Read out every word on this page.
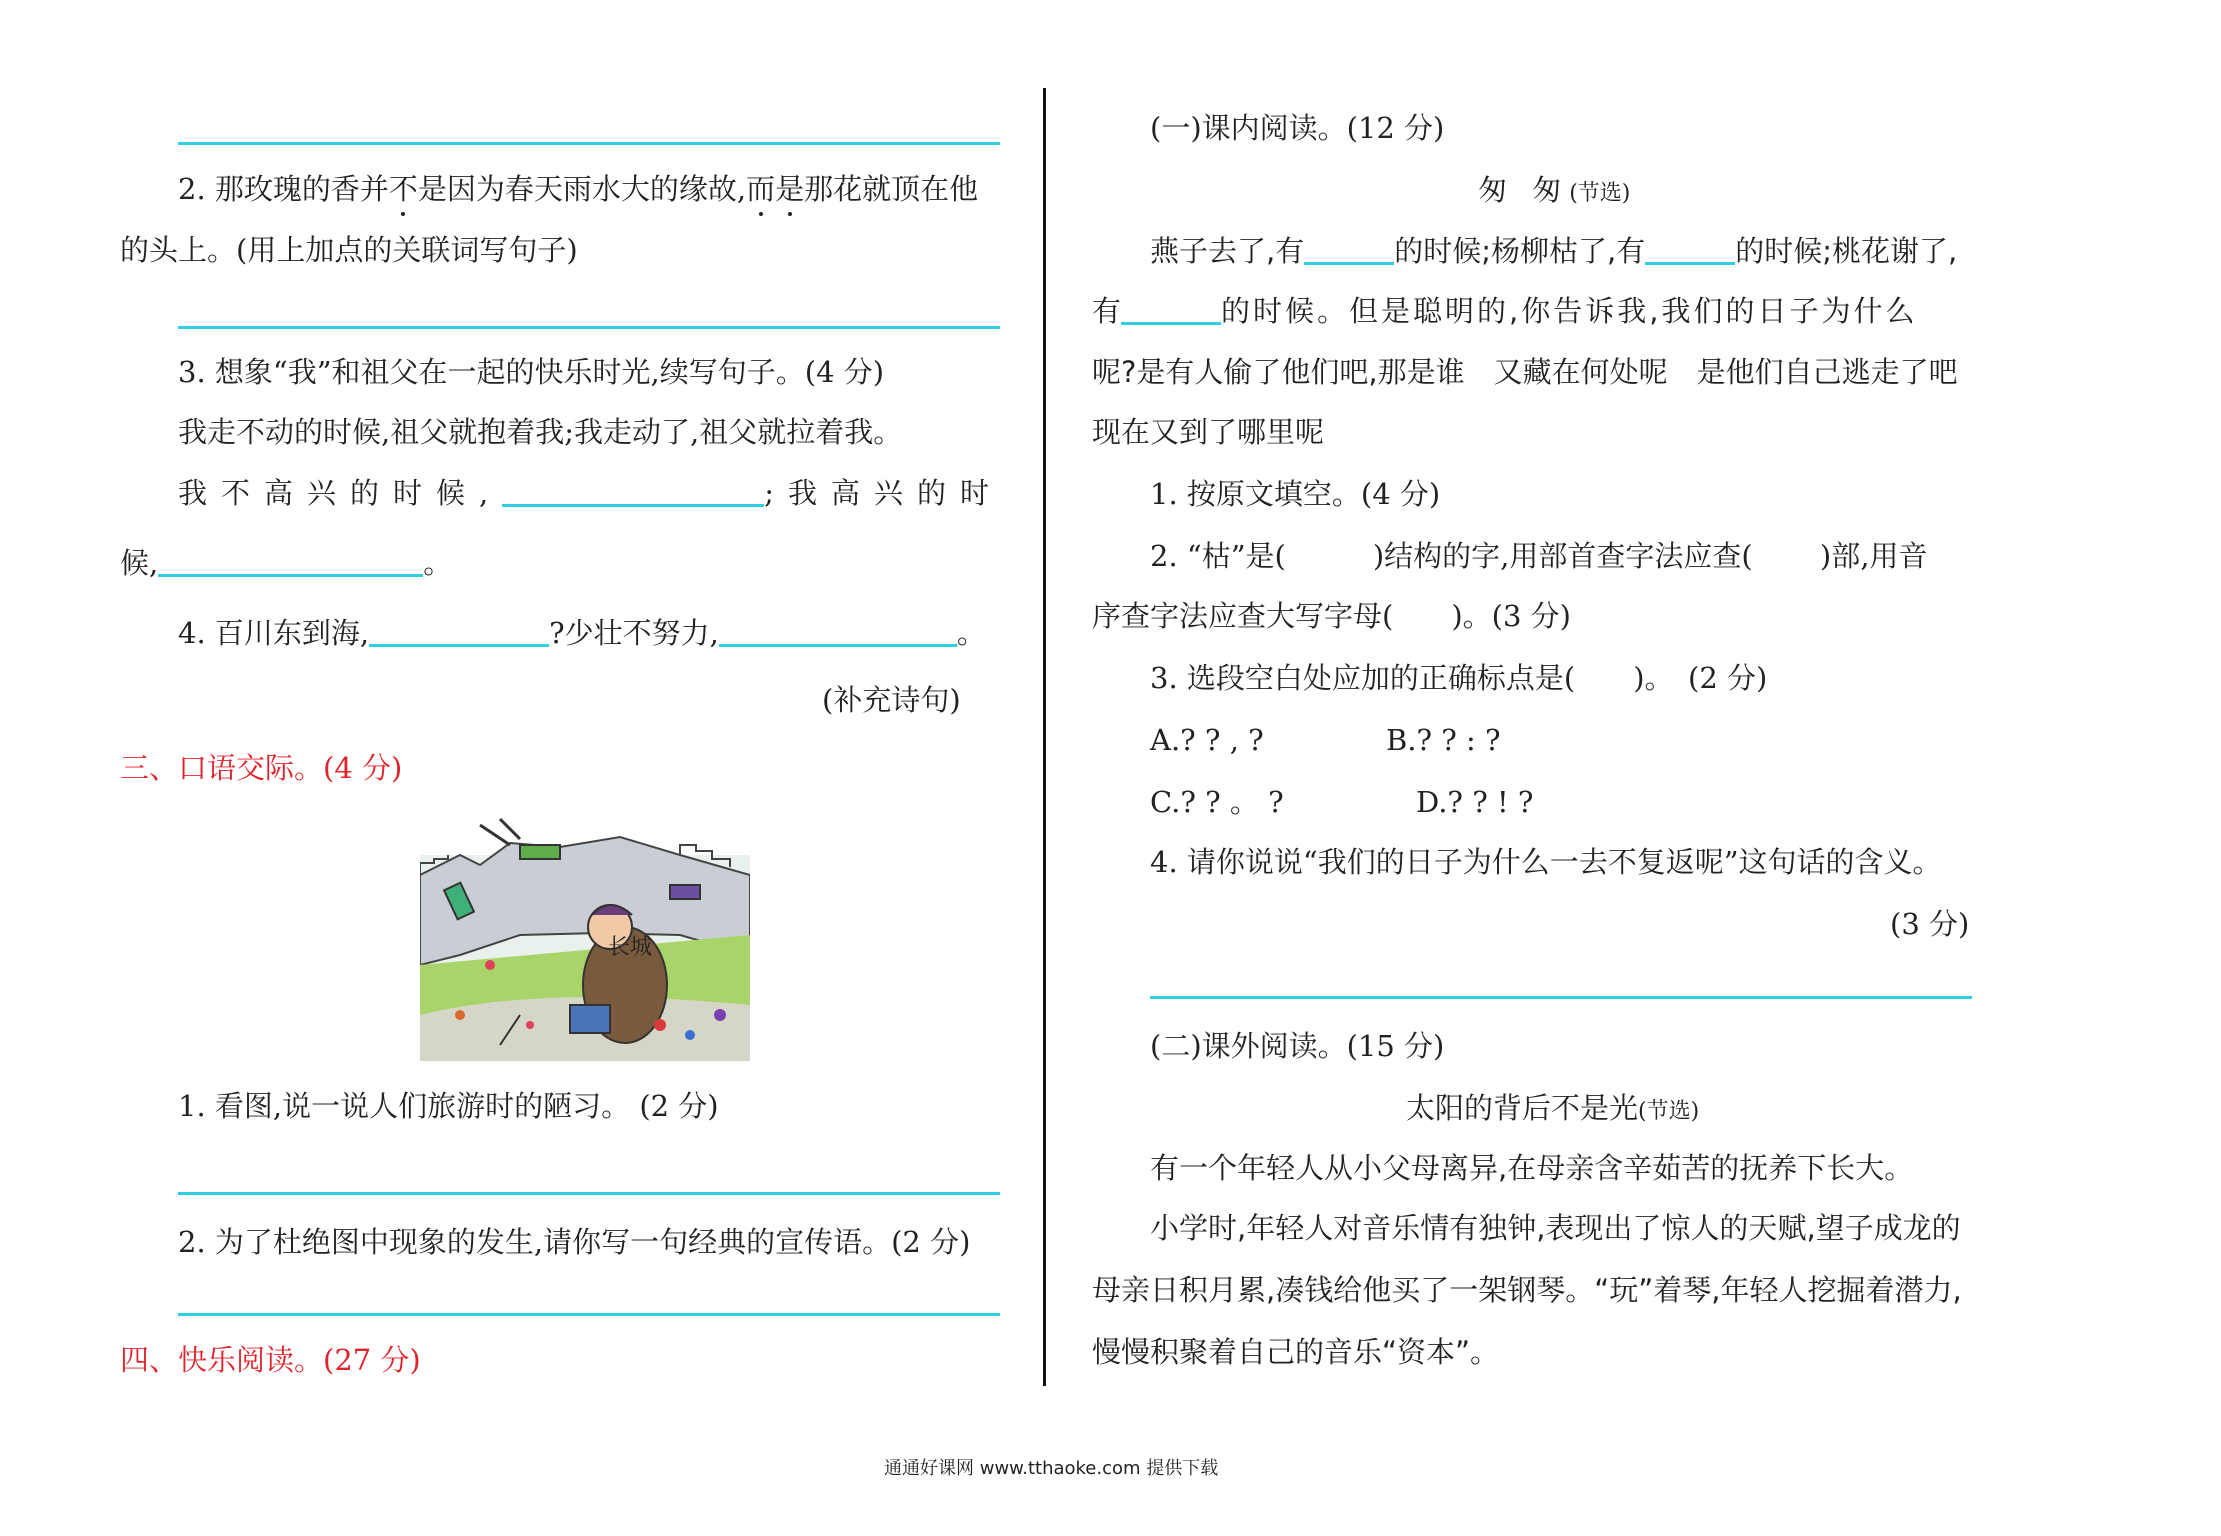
2. 那玫瑰的香并不是因为春天雨水大的缘故,而是那花就顶在他
的头上。(用上加点的关联词写句子)
3. 想象“我”和祖父在一起的快乐时光,续写句子。(4 分)
我走不动的时候,祖父就抱着我;我走动了,祖父就拉着我。
我不高兴的时候,	;我高兴的时
候,	。
4. 百川东到海,	?少壮不努力,	。
(补充诗句)
三、口语交际。(4 分)
长城
1. 看图,说一说人们旅游时的陋习。 (2 分)
2. 为了杜绝图中现象的发生,请你写一句经典的宣传语。(2 分)
四、快乐阅读。(27 分)
(一)课内阅读。(12 分)
匆 匆(节选)
燕子去了,有	的时候;杨柳枯了,有	的时候;桃花谢了,
有	的时候。但是聪明的,你告诉我,我们的日子为什么
呢?是有人偷了他们吧,那是谁　又藏在何处呢　是他们自己逃走了吧
现在又到了哪里呢
1. 按原文填空。(4 分)
2. “枯”是(　　　)结构的字,用部首查字法应查(　　 )部,用音
序查字法应查大写字母(　　)。(3 分)
3. 选段空白处应加的正确标点是(　　)。　(2 分)
A.? ? , ?	B.? ? : ?
C.? ? 。 ?	D.? ? ! ?
4. 请你说说“我们的日子为什么一去不复返呢”这句话的含义。
(3 分)
(二)课外阅读。(15 分)
太阳的背后不是光(节选)
有一个年轻人从小父母离异,在母亲含辛茹苦的抚养下长大。
小学时,年轻人对音乐情有独钟,表现出了惊人的天赋,望子成龙的
母亲日积月累,凑钱给他买了一架钢琴。“玩”着琴,年轻人挖掘着潜力,
慢慢积聚着自己的音乐“资本”。
通通好课网 www.tthaoke.com 提供下载
